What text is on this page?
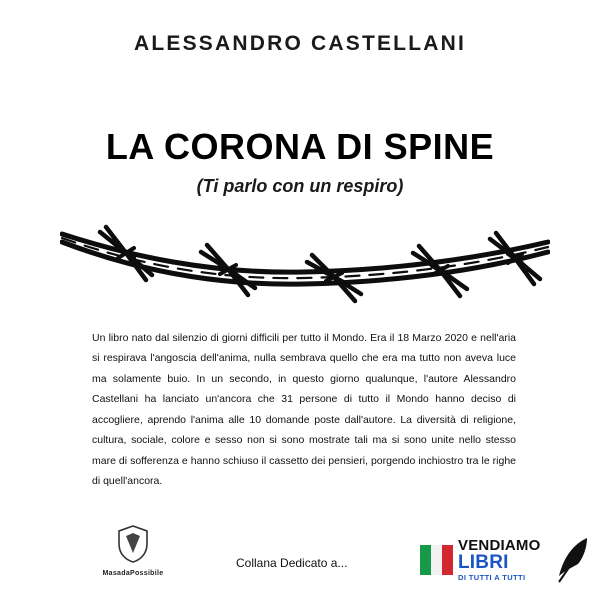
ALESSANDRO CASTELLANI
LA CORONA DI SPINE
(Ti parlo con un respiro)
Un libro nato dal silenzio di giorni difficili per tutto il Mondo. Era il 18 Marzo 2020 e nell'aria si respirava l'angoscia dell'anima, nulla sembrava quello che era ma tutto non aveva luce ma solamente buio. In un secondo, in questo giorno qualunque, l'autore Alessandro Castellani ha lanciato un'ancora che 31 persone di tutto il Mondo hanno deciso di accogliere, aprendo l'anima alle 10 domande poste dall'autore. La diversità di religione, cultura, sociale, colore e sesso non si sono mostrate tali ma si sono unite nello stesso mare di sofferenza e hanno schiuso il cassetto dei pensieri, porgendo inchiostro tra le righe di quell'ancora.
MasadaPossibile
Collana Dedicato a...
VENDIAMO
LIBRI
DI TUTTI A TUTTI
